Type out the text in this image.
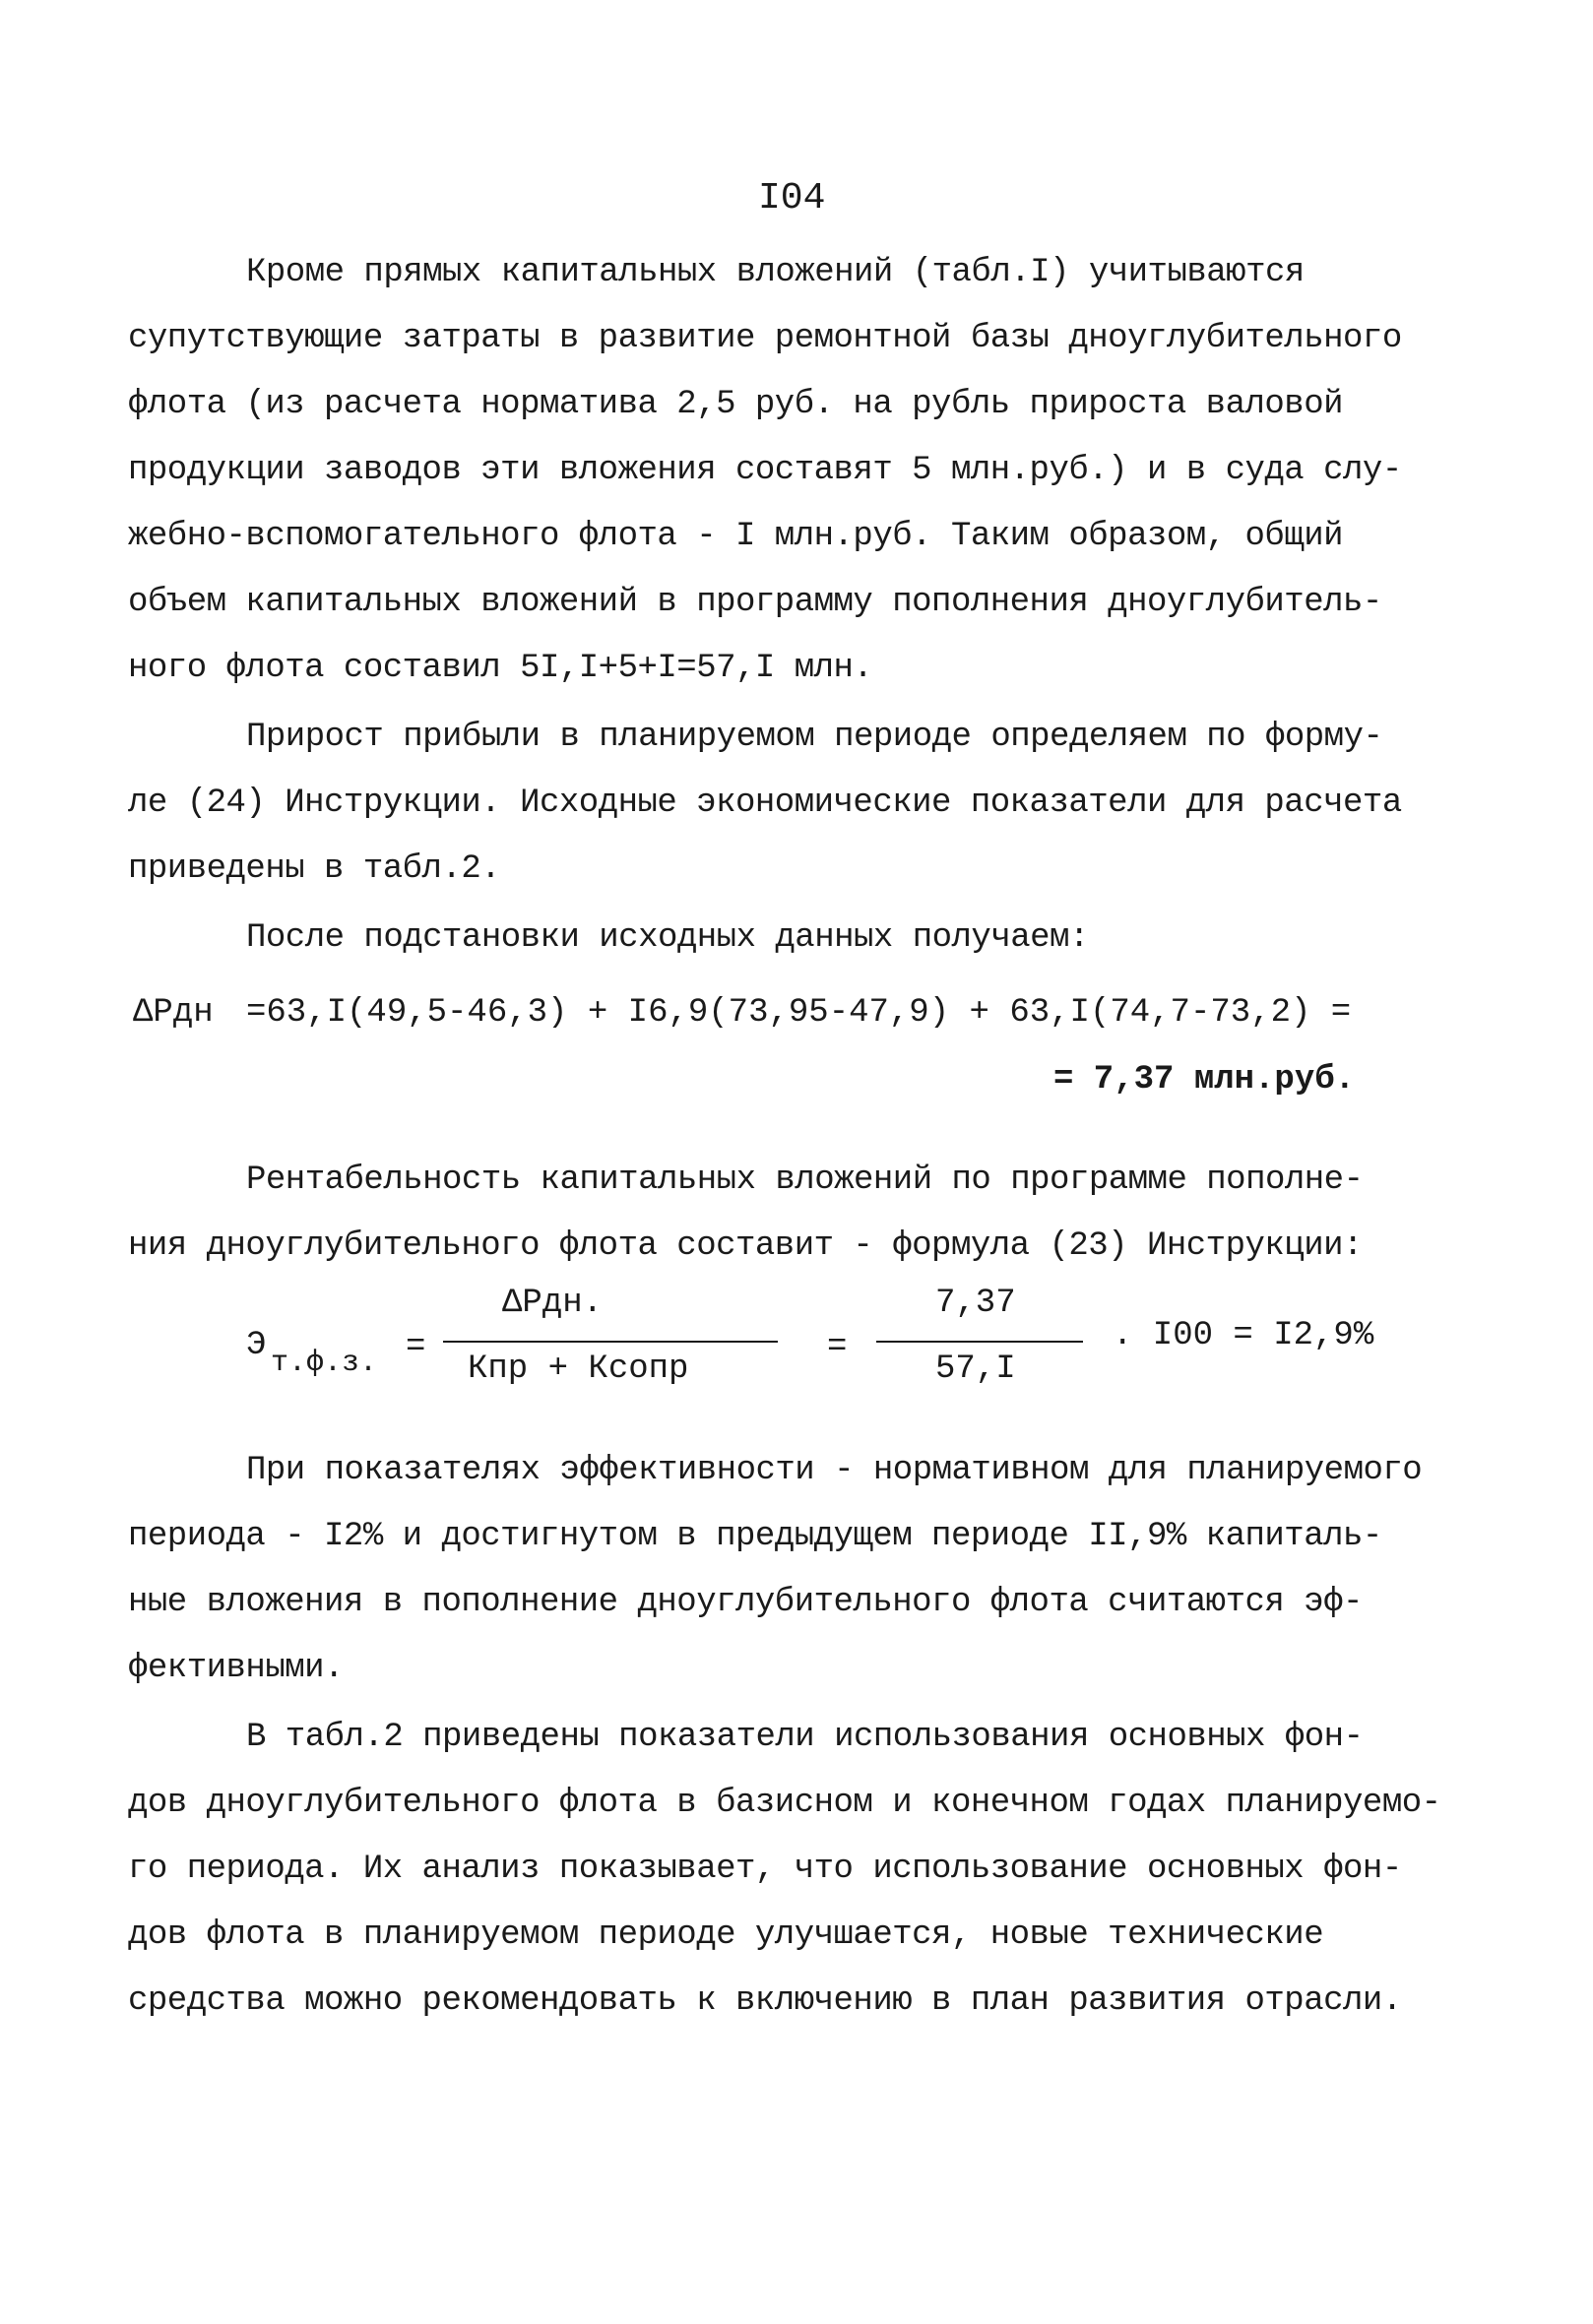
I04
Кроме прямых капитальных вложений (табл.I) учитываются
супутствующие затраты в развитие ремонтной базы дноуглубительного
флота (из расчета норматива 2,5 руб. на рубль прироста валовой
продукции заводов эти вложения составят 5 млн.руб.) и в суда слу-
жебно-вспомогательного флота - I млн.руб. Таким образом, общий
объем капитальных вложений в программу пополнения дноуглубитель-
ного флота составил 5I,I+5+I=57,I млн.
Прирост прибыли в планируемом периоде определяем по форму-
ле (24) Инструкции. Исходные экономические показатели для расчета
приведены в табл.2.
После подстановки исходных данных получаем:
ΔPдн =63,I(49,5-46,3) + I6,9(73,95-47,9) + 63,I(74,7-73,2) =
= 7,37 млн.руб.
Рентабельность капитальных вложений по программе пополне-
ния дноуглубительного флота составит - формула (23) Инструкции:
Э т.ф.з. =
ΔPдн.
Кпр + Ксопр
=
7,37
57,I
. I00 = I2,9%
При показателях эффективности - нормативном для планируемого
периода - I2% и достигнутом в предыдущем периоде II,9% капиталь-
ные вложения в пополнение дноуглубительного флота считаются эф-
фективными.
В табл.2 приведены показатели использования основных фон-
дов дноуглубительного флота в базисном и конечном годах планируемо-
го периода. Их анализ показывает, что использование основных фон-
дов флота в планируемом периоде улучшается, новые технические
средства можно рекомендовать к включению в план развития отрасли.
